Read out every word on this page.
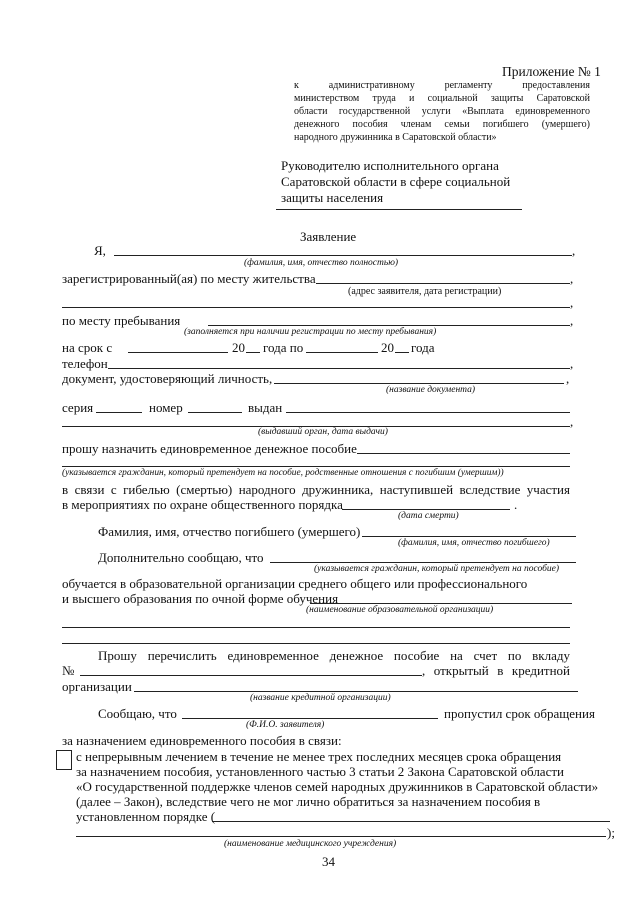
Приложение № 1
к административному регламенту предоставления
министерством труда и социальной защиты Саратовской
области государственной услуги «Выплата единовременного
денежного пособия членам семьи погибшего (умершего)
народного дружинника в Саратовской области»
Руководителю исполнительного органа
Саратовской области в сфере социальной
защиты населения
Заявление
Я,	,
(фамилия, имя, отчество полностью)
зарегистрированный(ая) по месту жительства	,
(адрес заявителя, дата регистрации)
,
по месту пребывания	,
(заполняется при наличии регистрации по месту пребывания)
на срок с	20 года по	20 года
телефон	,
документ, удостоверяющий личность,	,
(название документа)
серия	номер	выдан
,
(выдавший орган, дата выдачи)
прошу назначить единовременное денежное пособие
(указывается гражданин, который претендует на пособие, родственные отношения с погибшим (умершим))
в связи с гибелью (смертью) народного дружинника, наступившей вследствие участия
в мероприятиях по охране общественного порядка	.
(дата смерти)
Фамилия, имя, отчество погибшего (умершего)
(фамилия, имя, отчество погибшего)
Дополнительно сообщаю, что
(указывается гражданин, который претендует на пособие)
обучается в образовательной организации среднего общего или профессионального
и высшего образования по очной форме обучения
(наименование образовательной организации)
Прошу перечислить единовременное денежное пособие на счет по вкладу
№	, открытый в кредитной
организации
(название кредитной организации)
Сообщаю, что	пропустил срок обращения
(Ф.И.О. заявителя)
за назначением единовременного пособия в связи:
с непрерывным лечением в течение не менее трех последних месяцев срока обращения
за назначением пособия, установленного частью 3 статьи 2 Закона Саратовской области
«О государственной поддержке членов семей народных дружинников в Саратовской области»
(далее – Закон), вследствие чего не мог лично обратиться за назначением пособия в
установленном порядке (
);
(наименование медицинского учреждения)
34
